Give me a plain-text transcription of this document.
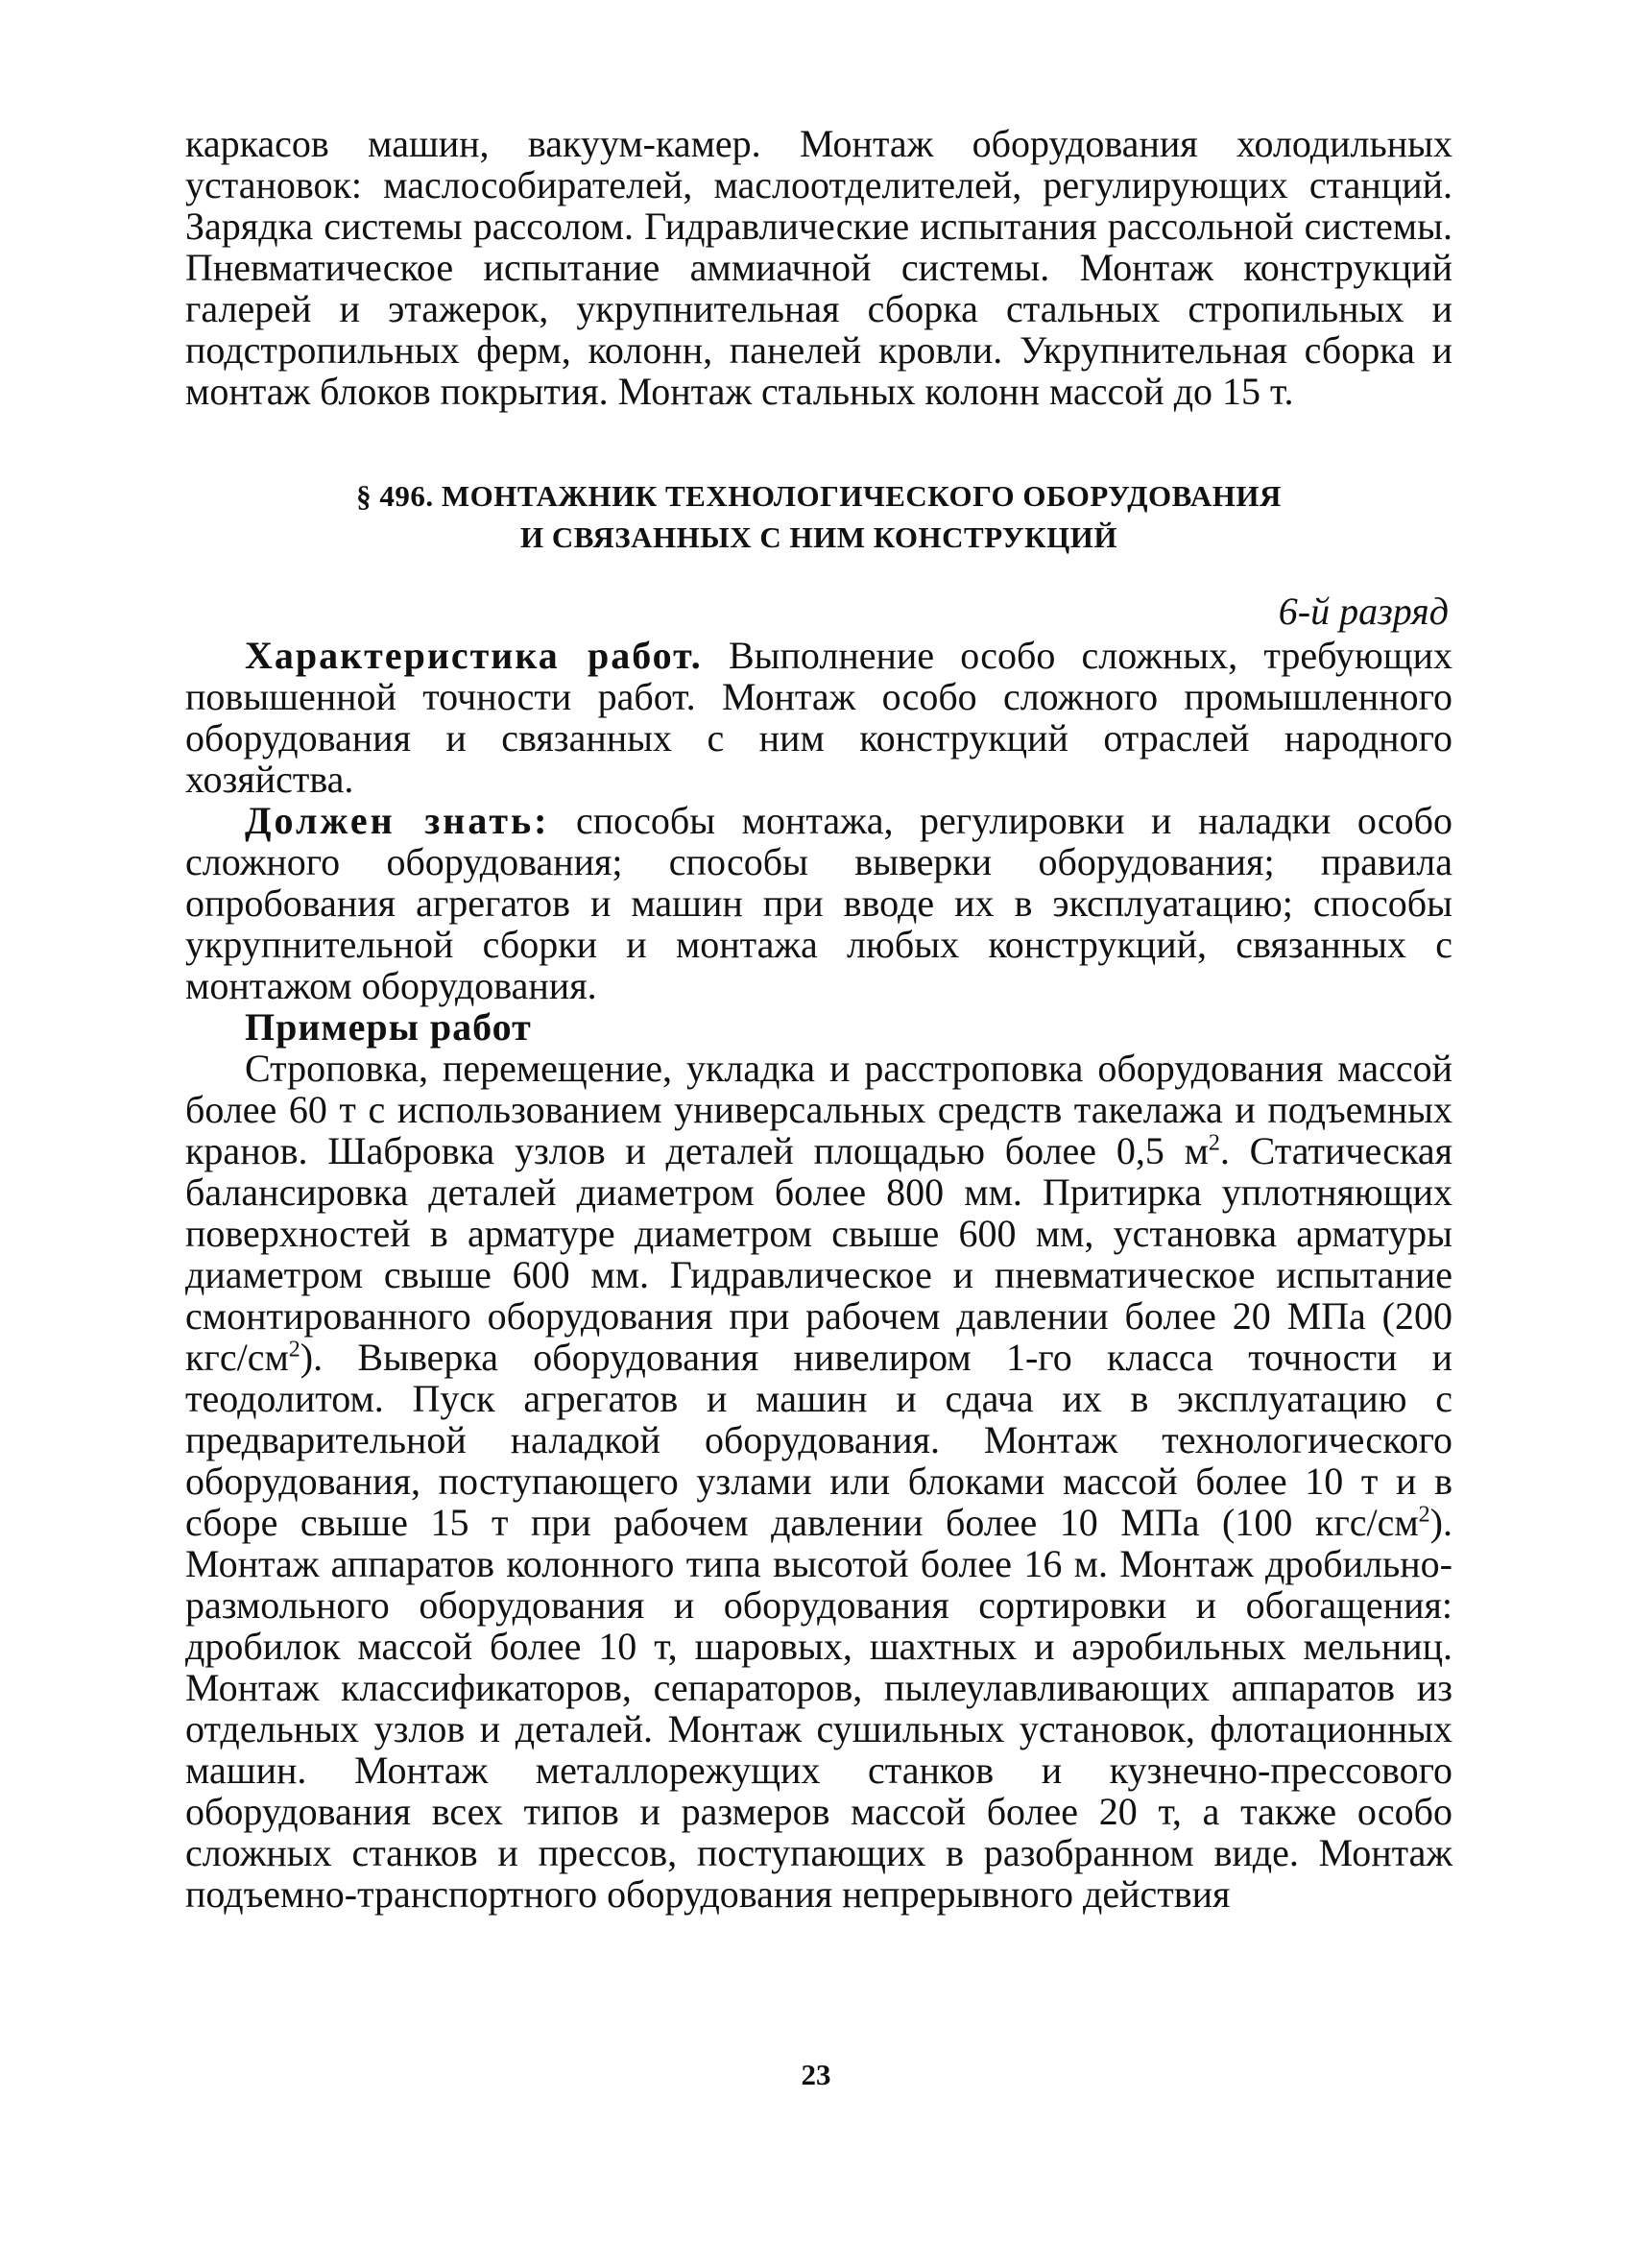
каркасов машин, вакуум-камер. Монтаж оборудования холодильных установок: маслособирателей, маслоотделителей, регулирующих станций. Зарядка системы рассолом. Гидравлические испытания рассольной системы. Пневматическое испытание аммиачной системы. Монтаж конструкций галерей и этажерок, укрупнительная сборка стальных стропильных и подстропильных ферм, колонн, панелей кровли. Укрупнительная сборка и монтаж блоков покрытия. Монтаж стальных колонн массой до 15 т.

§ 496. МОНТАЖНИК ТЕХНОЛОГИЧЕСКОГО ОБОРУДОВАНИЯ
И СВЯЗАННЫХ С НИМ КОНСТРУКЦИЙ
6-й разряд

Характеристика работ. Выполнение особо сложных, требующих повышенной точности работ. Монтаж особо сложного промышленного оборудования и связанных с ним конструкций отраслей народного хозяйства.

Должен знать: способы монтажа, регулировки и наладки особо сложного оборудования; способы выверки оборудования; правила опробования агрегатов и машин при вводе их в эксплуатацию; способы укрупнительной сборки и монтажа любых конструкций, связанных с монтажом оборудования.

Примеры работ

Строповка, перемещение, укладка и расстроповка оборудования массой более 60 т с использованием универсальных средств такелажа и подъемных кранов. Шабровка узлов и деталей площадью более 0,5 $м^2$. Статическая балансировка деталей диаметром более 800 мм. Притирка уплотняющих поверхностей в арматуре диаметром свыше 600 мм, установка арматуры диаметром свыше 600 мм. Гидравлическое и пневматическое испытание смонтированного оборудования при рабочем давлении более 20 МПа (200 кгс/$см^2$). Выверка оборудования нивелиром 1-го класса точности и теодолитом. Пуск агрегатов и машин и сдача их в эксплуатацию с предварительной наладкой оборудования. Монтаж технологического оборудования, поступающего узлами или блоками массой более 10 т и в сборе свыше 15 т при рабочем давлении более 10 МПа (100 кгс/$см^2$). Монтаж аппаратов колонного типа высотой более 16 м. Монтаж дробильно-размольного оборудования и оборудования сортировки и обогащения: дробилок массой более 10 т, шаровых, шахтных и аэробильных мельниц. Монтаж классификаторов, сепараторов, пылеулавливающих аппаратов из отдельных узлов и деталей. Монтаж сушильных установок, флотационных машин. Монтаж металлорежущих станков и кузнечно-прессового оборудования всех типов и размеров массой более 20 т, а также особо сложных станков и прессов, поступающих в разобранном виде. Монтаж подъемно-транспортного оборудования непрерывного действия

23
